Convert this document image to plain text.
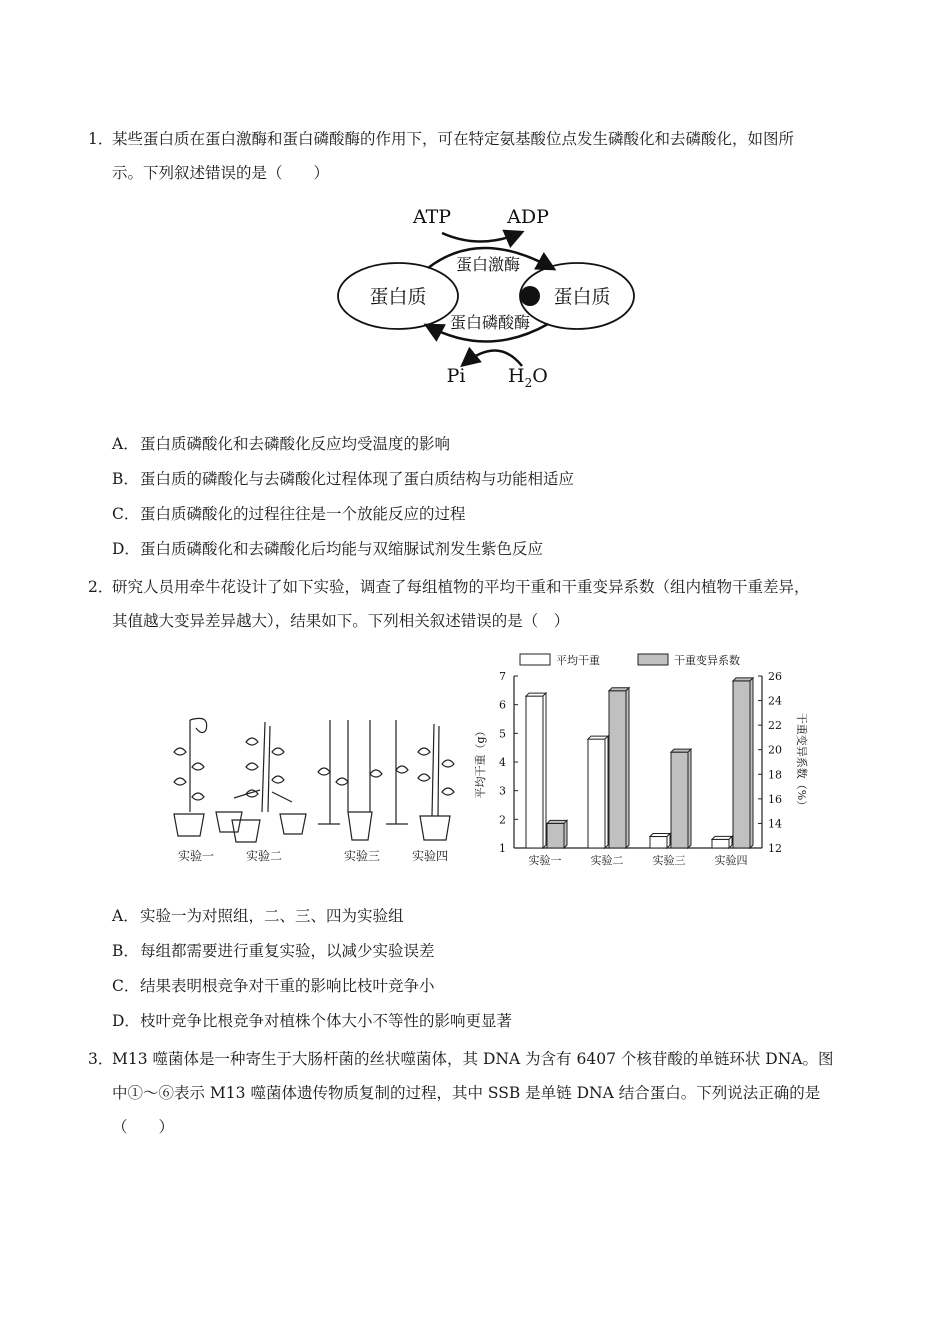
1．
某些蛋白质在蛋白激酶和蛋白磷酸酶的作用下，可在特定氨基酸位点发生磷酸化和去磷酸化，如图所
示。下列叙述错误的是（　　）
ATP	ADP
蛋白激酶
蛋白质	蛋白质
蛋白磷酸酶
Pi $H_2O$
A．蛋白质磷酸化和去磷酸化反应均受温度的影响
B．蛋白质的磷酸化与去磷酸化过程体现了蛋白质结构与功能相适应
C．蛋白质磷酸化的过程往往是一个放能反应的过程
D．蛋白质磷酸化和去磷酸化后均能与双缩脲试剂发生紫色反应
2．
研究人员用牵牛花设计了如下实验，调查了每组植物的平均干重和干重变异系数（组内植物干重差异，
其值越大变异差异越大），结果如下。下列相关叙述错误的是（　）
实验一	实验二	实验三	实验四
平均干重	干重变异系数
1
2
3
4
5
6
7
12
14
16
18
20
22
24
26
平均干重（g）	干重变异系数（%）
实验一	实验二	实验三	实验四
A．实验一为对照组，二、三、四为实验组
B．每组都需要进行重复实验，以减少实验误差
C．结果表明根竞争对干重的影响比枝叶竞争小
D．枝叶竞争比根竞争对植株个体大小不等性的影响更显著
3．
M13 噬菌体是一种寄生于大肠杆菌的丝状噬菌体，其 DNA 为含有 6407 个核苷酸的单链环状 DNA。图
中①～⑥表示 M13 噬菌体遗传物质复制的过程，其中 SSB 是单链 DNA 结合蛋白。下列说法正确的是
（　　）
